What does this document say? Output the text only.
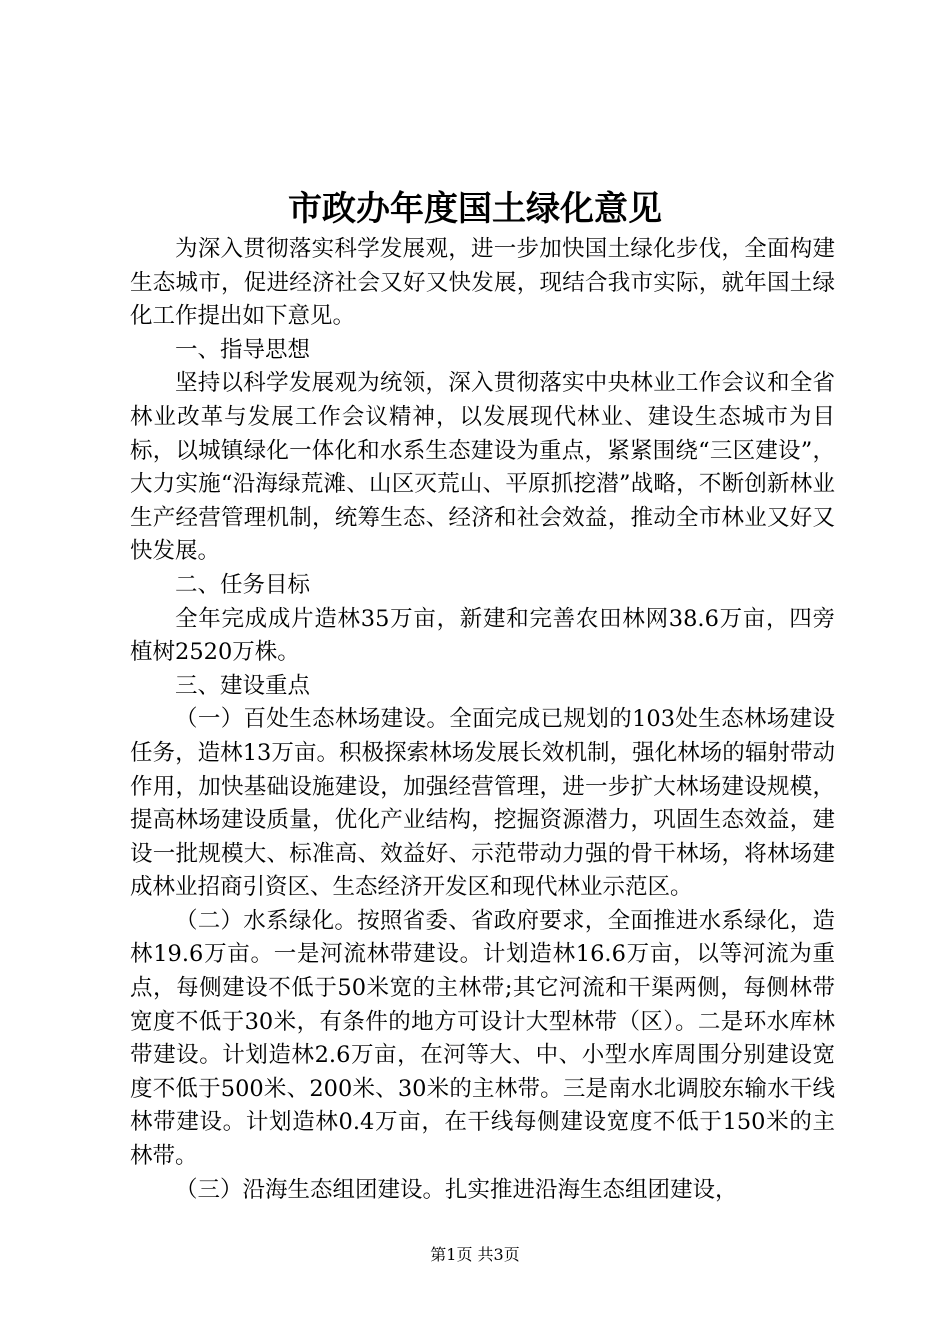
市政办年度国土绿化意见

为深入贯彻落实科学发展观，进一步加快国土绿化步伐，全面构建生态城市，促进经济社会又好又快发展，现结合我市实际，就年国土绿化工作提出如下意见。

一、指导思想

坚持以科学发展观为统领，深入贯彻落实中央林业工作会议和全省林业改革与发展工作会议精神，以发展现代林业、建设生态城市为目标，以城镇绿化一体化和水系生态建设为重点，紧紧围绕“三区建设”，大力实施“沿海绿荒滩、山区灭荒山、平原抓挖潜”战略，不断创新林业生产经营管理机制，统筹生态、经济和社会效益，推动全市林业又好又快发展。

二、任务目标

全年完成成片造林35万亩，新建和完善农田林网38.6万亩，四旁植树2520万株。

三、建设重点

（一）百处生态林场建设。全面完成已规划的103处生态林场建设任务，造林13万亩。积极探索林场发展长效机制，强化林场的辐射带动作用，加快基础设施建设，加强经营管理，进一步扩大林场建设规模，提高林场建设质量，优化产业结构，挖掘资源潜力，巩固生态效益，建设一批规模大、标准高、效益好、示范带动力强的骨干林场，将林场建成林业招商引资区、生态经济开发区和现代林业示范区。

（二）水系绿化。按照省委、省政府要求，全面推进水系绿化，造林19.6万亩。一是河流林带建设。计划造林16.6万亩，以等河流为重点，每侧建设不低于50米宽的主林带;其它河流和干渠两侧，每侧林带宽度不低于30米，有条件的地方可设计大型林带（区）。二是环水库林带建设。计划造林2.6万亩，在河等大、中、小型水库周围分别建设宽度不低于500米、200米、30米的主林带。三是南水北调胶东输水干线林带建设。计划造林0.4万亩，在干线每侧建设宽度不低于150米的主林带。

（三）沿海生态组团建设。扎实推进沿海生态组团建设，

第1页 共3页
